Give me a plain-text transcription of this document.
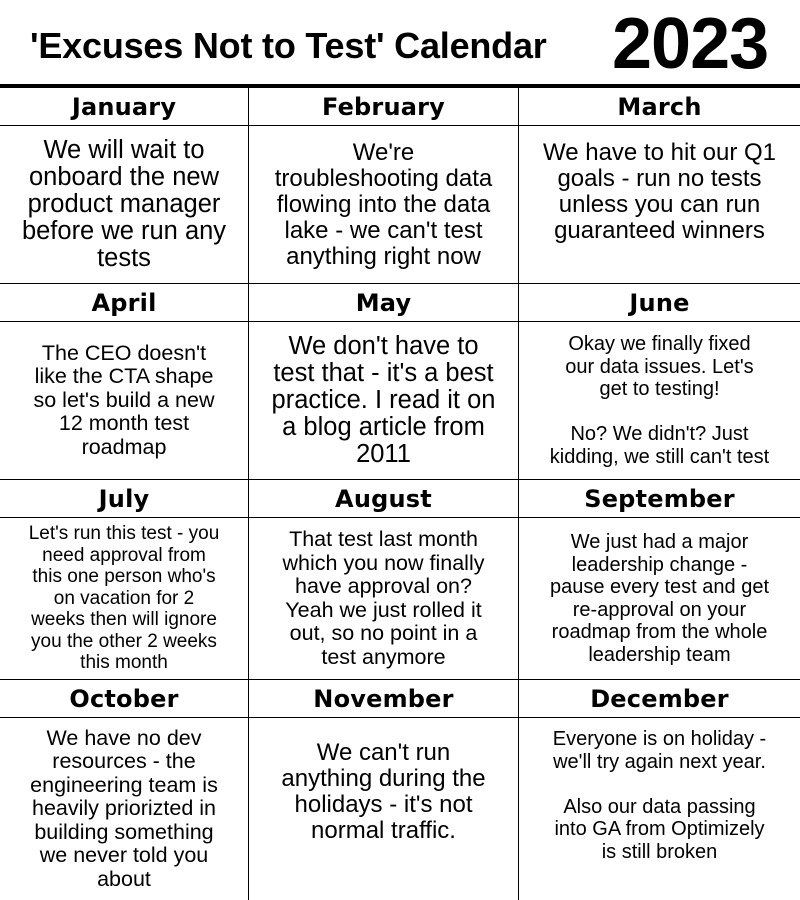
'Excuses Not to Test' Calendar 2023
January
We will wait to
onboard the new
product manager
before we run any
tests
February
We're
troubleshooting data
flowing into the data
lake - we can't test
anything right now
March
We have to hit our Q1
goals - run no tests
unless you can run
guaranteed winners
April
The CEO doesn't
like the CTA shape
so let's build a new
12 month test
roadmap
May
We don't have to
test that - it's a best
practice. I read it on
a blog article from
2011
June
Okay we finally fixed
our data issues. Let's
get to testing!

No? We didn't? Just
kidding, we still can't test
July
Let's run this test - you
need approval from
this one person who's
on vacation for 2
weeks then will ignore
you the other 2 weeks
this month
August
That test last month
which you now finally
have approval on?
Yeah we just rolled it
out, so no point in a
test anymore
September
We just had a major
leadership change -
pause every test and get
re-approval on your
roadmap from the whole
leadership team
October
We have no dev
resources - the
engineering team is
heavily priorizted in
building something
we never told you
about
November
We can't run
anything during the
holidays - it's not
normal traffic.
December
Everyone is on holiday -
we'll try again next year.

Also our data passing
into GA from Optimizely
is still broken
